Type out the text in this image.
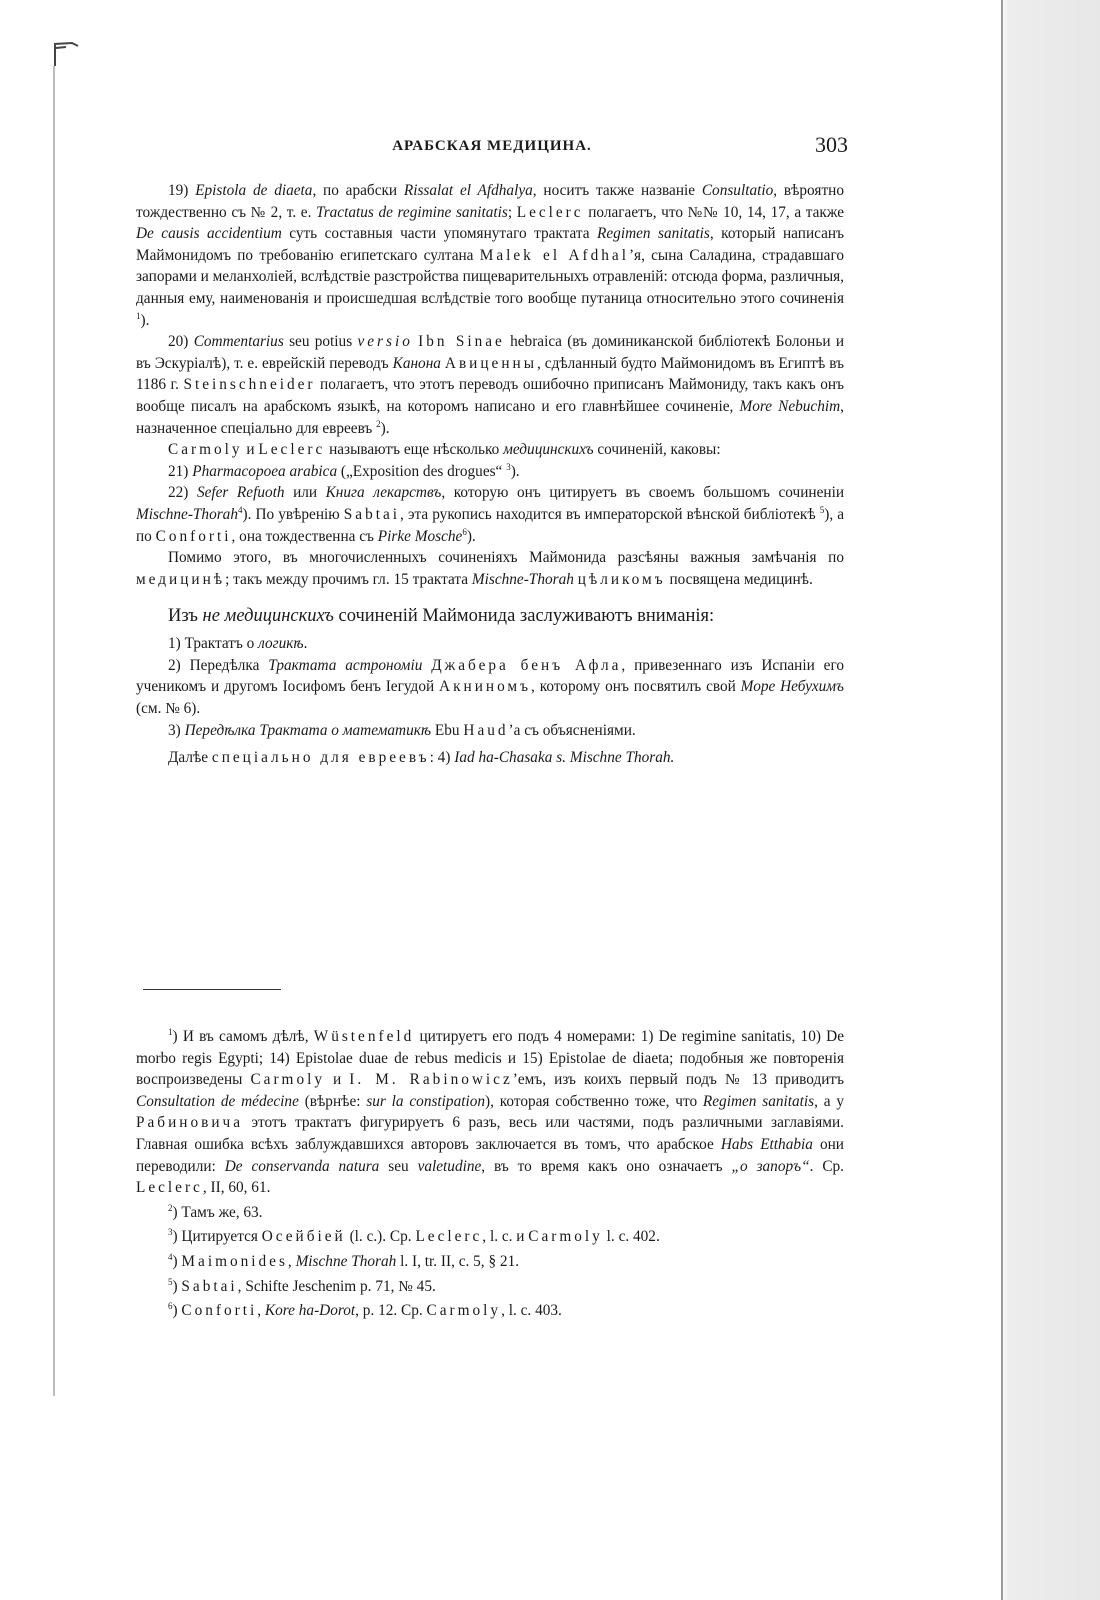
АРАБСКАЯ МЕДИЦИНА.	303

19) Epistola de diaeta, по арабски Rissalat el Afdhalya, носитъ также названіе Consultatio, вѣроятно тождественно съ № 2, т. е. Tractatus de regimine sanitatis; Leclerc полагаетъ, что №№ 10, 14, 17, а также De causis accidentium суть составныя части упомянутаго трактата Regimen sanitatis, который написанъ Маймонидомъ по требованію египетскаго султана Malek el Afdhal’я, сына Саладина, страдавшаго запорами и меланхоліей, вслѣдствіе разстройства пищеварительныхъ отравленій: отсюда форма, различныя, данныя ему, наименованія и происшедшая вслѣдствіе того вообще путаница относительно этого сочиненія $^1$).

20) Commentarius seu potius versio Ibn Sinae hebraica (въ доминиканской библіотекѣ Болоньи и въ Эскуріалѣ), т. е. еврейскій переводъ Канона Авиценны, сдѣланный будто Маймонидомъ въ Египтѣ въ 1186 г. Steinschneider полагаетъ, что этотъ переводъ ошибочно приписанъ Маймониду, такъ какъ онъ вообще писалъ на арабскомъ языкѣ, на которомъ написано и его главнѣйшее сочиненіе, More Nebuchim, назначенное спеціально для евреевъ $^2$).

Carmoly и Leclerc называютъ еще нѣсколько медицинскихъ сочиненій, каковы:

21) Pharmacopoea arabica („Exposition des drogues“ $^3$).

22) Sefer Refuoth или Книга лекарствъ, которую онъ цитируетъ въ своемъ большомъ сочиненіи Mischne-Thorah$^4$). По увѣренію Sabtai, эта рукопись находится въ императорской вѣнской библіотекѣ $^5$), а по Conforti, она тождественна съ Pirke Mosche$^6$).

Помимо этого, въ многочисленныхъ сочиненіяхъ Маймонида разсѣяны важныя замѣчанія по медицинѣ; такъ между прочимъ гл. 15 трактата Mischne-Thorah цѣликомъ посвящена медицинѣ.

Изъ не медицинскихъ сочиненій Маймонида заслуживаютъ вниманія:

1) Трактатъ о логикѣ.

2) Передѣлка Трактата астрономіи Джабера бенъ Афла, привезеннаго изъ Испаніи его ученикомъ и другомъ Іосифомъ бенъ Іегудой Акниномъ, которому онъ посвятилъ свой Море Небухимъ (см. № 6).

3) Передѣлка Трактата о математикѣ Ebu Haud’а съ объясненіями.

Далѣе спеціально для евреевъ: 4) Iad ha-Chasaka s. Mischne Thorah.

$^1$) И въ самомъ дѣлѣ, Wüstenfeld цитируетъ его подъ 4 номерами: 1) De regimine sanitatis, 10) De morbo regis Egypti; 14) Epistolae duae de rebus medicis и 15) Epistolae de diaeta; подобныя же повторенія воспроизведены Carmoly и I. M. Rabinowicz’емъ, изъ коихъ первый подъ № 13 приводитъ Consultation de médecine (вѣрнѣе: sur la constipation), которая собственно тоже, что Regimen sanitatis, а у Рабиновича этотъ трактатъ фигурируетъ 6 разъ, весь или частями, подъ различными заглавіями. Главная ошибка всѣхъ заблуждавшихся авторовъ заключается въ томъ, что арабское Habs Etthabia они переводили: De conservanda natura seu valetudine, въ то время какъ оно означаетъ „о запоръ“. Ср. Leclerc, II, 60, 61.

$^2$) Тамъ же, 63.

$^3$) Цитируется Осейбіей (l. c.). Ср. Leclerc, l. c. и Carmoly l. c. 402.

$^4$) Maimonides, Mischne Thorah l. I, tr. II, c. 5, § 21.

$^5$) Sabtai, Schifte Jeschenim p. 71, № 45.

$^6$) Conforti, Kore ha-Dorot, p. 12. Ср. Carmoly, l. c. 403.
